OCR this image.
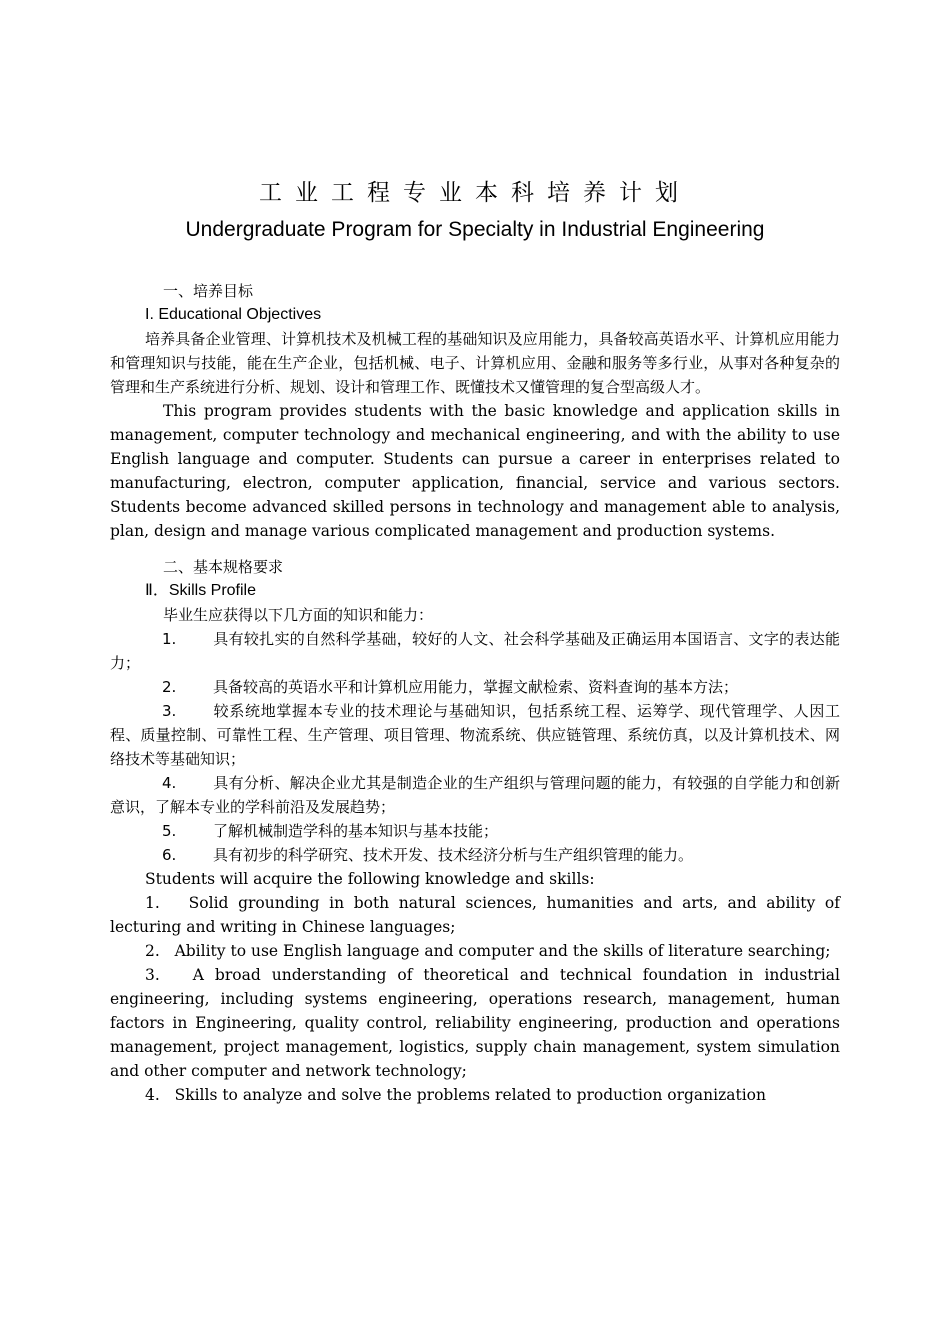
工业工程专业本科培养计划
Undergraduate Program for Specialty in Industrial Engineering

一、培养目标

I. Educational Objectives

培养具备企业管理、计算机技术及机械工程的基础知识及应用能力，具备较高英语水平、计算机应用能力和管理知识与技能，能在生产企业，包括机械、电子、计算机应用、金融和服务等多行业，从事对各种复杂的管理和生产系统进行分析、规划、设计和管理工作、既懂技术又懂管理的复合型高级人才。

This program provides students with the basic knowledge and application skills in management, computer technology and mechanical engineering, and with the ability to use English language and computer. Students can pursue a career in enterprises related to manufacturing, electron, computer application, financial, service and various sectors. Students become advanced skilled persons in technology and management able to analysis, plan, design and manage various complicated management and production systems.

二、基本规格要求

Ⅱ．Skills Profile

毕业生应获得以下几方面的知识和能力：

1. 具有较扎实的自然科学基础，较好的人文、社会科学基础及正确运用本国语言、文字的表达能力；

2. 具备较高的英语水平和计算机应用能力，掌握文献检索、资料查询的基本方法；

3. 较系统地掌握本专业的技术理论与基础知识，包括系统工程、运筹学、现代管理学、人因工程、质量控制、可靠性工程、生产管理、项目管理、物流系统、供应链管理、系统仿真，以及计算机技术、网络技术等基础知识；

4. 具有分析、解决企业尤其是制造企业的生产组织与管理问题的能力，有较强的自学能力和创新意识，了解本专业的学科前沿及发展趋势；

5. 了解机械制造学科的基本知识与基本技能；

6. 具有初步的科学研究、技术开发、技术经济分析与生产组织管理的能力。

Students will acquire the following knowledge and skills:

1.   Solid grounding in both natural sciences, humanities and arts, and ability of lecturing and writing in Chinese languages;

2.   Ability to use English language and computer and the skills of literature searching;

3.   A broad understanding of theoretical and technical foundation in industrial engineering, including systems engineering, operations research, management, human factors in Engineering, quality control, reliability engineering, production and operations management, project management, logistics, supply chain management, system simulation and other computer and network technology;

4.   Skills to analyze and solve the problems related to production organization
